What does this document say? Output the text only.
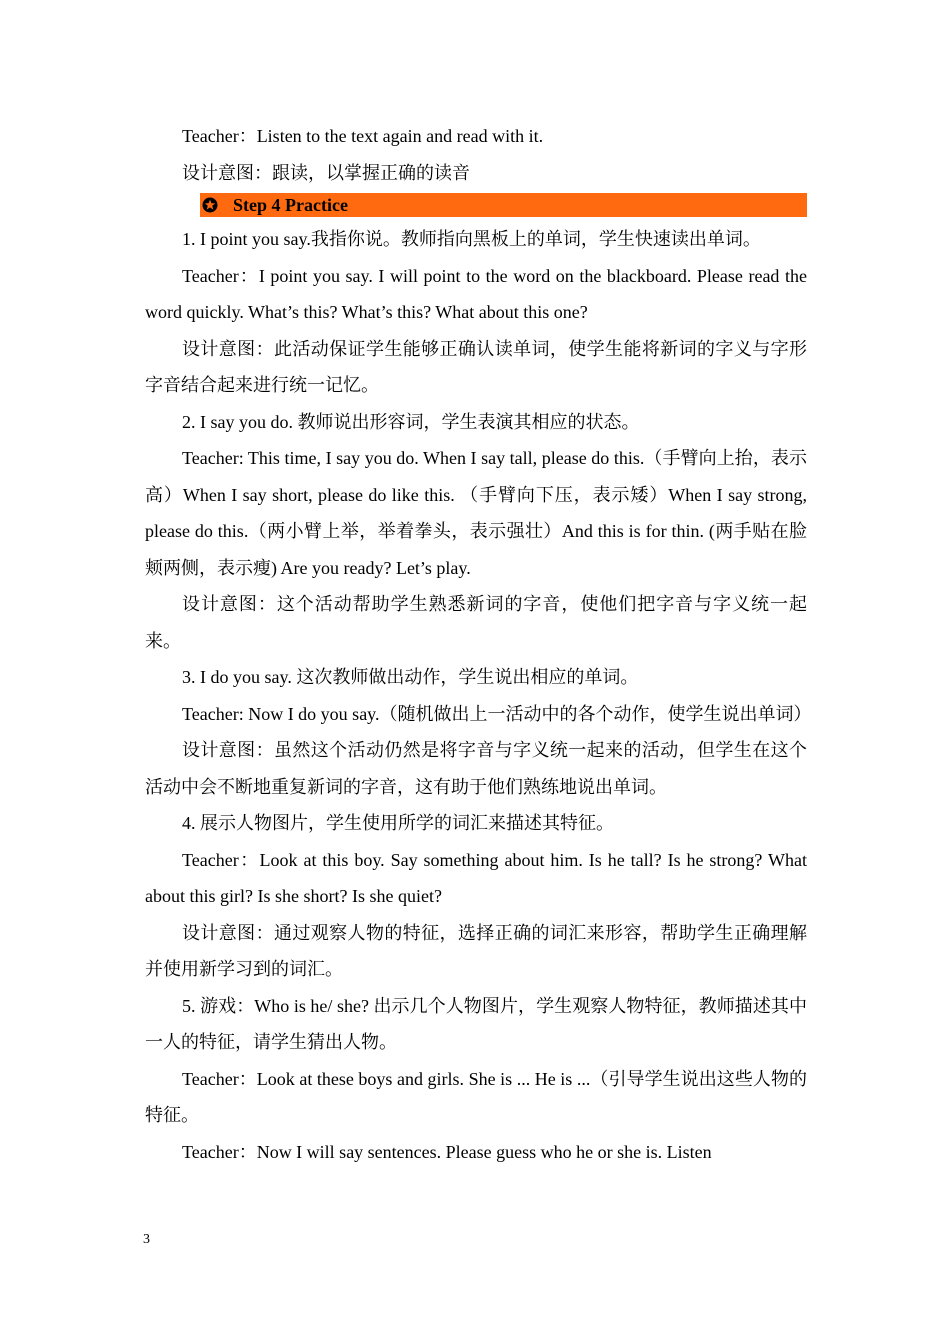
Teacher：Listen to the text again and read with it.

设计意图：跟读，以掌握正确的读音

Step 4 Practice

1. I point you say.我指你说。教师指向黑板上的单词，学生快速读出单词。

Teacher：I point you say. I will point to the word on the blackboard. Please read the word quickly. What’s this? What’s this? What about this one?

设计意图：此活动保证学生能够正确认读单词，使学生能将新词的字义与字形字音结合起来进行统一记忆。

2. I say you do. 教师说出形容词，学生表演其相应的状态。

Teacher: This time, I say you do. When I say tall, please do this.（手臂向上抬，表示高）When I say short, please do like this. （手臂向下压，表示矮）When I say strong, please do this.（两小臂上举，举着拳头，表示强壮）And this is for thin. (两手贴在脸颊两侧，表示瘦) Are you ready? Let’s play.

设计意图：这个活动帮助学生熟悉新词的字音，使他们把字音与字义统一起来。

3. I do you say. 这次教师做出动作，学生说出相应的单词。

Teacher: Now I do you say.（随机做出上一活动中的各个动作，使学生说出单词）

设计意图：虽然这个活动仍然是将字音与字义统一起来的活动，但学生在这个活动中会不断地重复新词的字音，这有助于他们熟练地说出单词。

4. 展示人物图片，学生使用所学的词汇来描述其特征。

Teacher：Look at this boy. Say something about him. Is he tall? Is he strong? What about this girl? Is she short? Is she quiet?

设计意图：通过观察人物的特征，选择正确的词汇来形容，帮助学生正确理解并使用新学习到的词汇。

5. 游戏：Who is he/ she? 出示几个人物图片，学生观察人物特征，教师描述其中一人的特征，请学生猜出人物。

Teacher：Look at these boys and girls. She is ... He is ...（引导学生说出这些人物的特征。

Teacher：Now I will say sentences. Please guess who he or she is. Listen

3
